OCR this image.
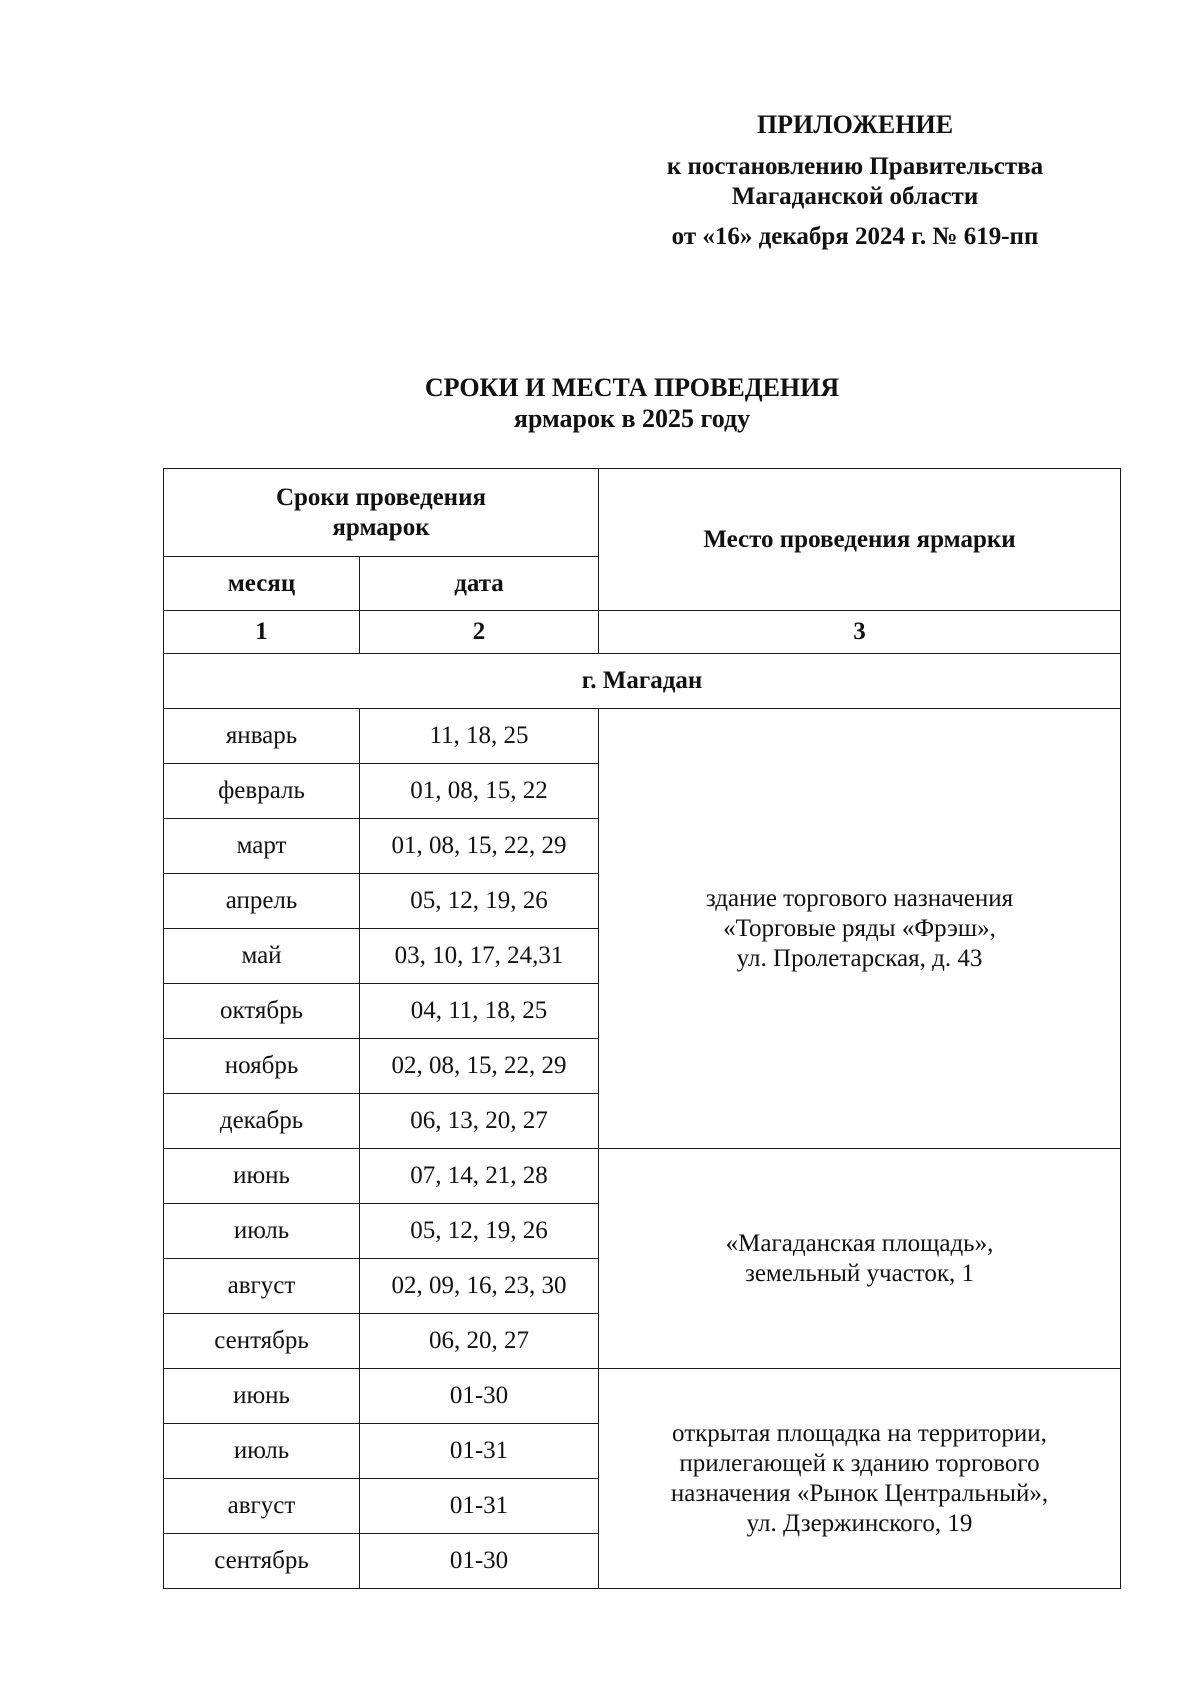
ПРИЛОЖЕНИЕ
к постановлению Правительства
Магаданской области
от «16» декабря 2024 г. № 619-пп
СРОКИ И МЕСТА ПРОВЕДЕНИЯ
ярмарок в 2025 году
Сроки проведения ярмарок		Место проведения ярмарки
месяц	дата	
1	2	3
г. Магадан		
январь	11, 18, 25	здание торгового назначения
«Торговые ряды «Фрэш»,
ул. Пролетарская, д. 43

февраль	01, 08, 15, 22	
март	01, 08, 15, 22, 29	
апрель	05, 12, 19, 26	
май	03, 10, 17, 24,31	
октябрь	04, 11, 18, 25	
ноябрь	02, 08, 15, 22, 29	
декабрь	06, 13, 20, 27	
июнь	07, 14, 21, 28	«Магаданская площадь»,
земельный участок, 1

июль	05, 12, 19, 26	
август	02, 09, 16, 23, 30	
сентябрь	06, 20, 27	
июнь	01-30	открытая площадка на территории,
прилегающей к зданию торгового
назначения «Рынок Центральный»,
ул. Дзержинского, 19

июль	01-31	
август	01-31	
сентябрь	01-30	
